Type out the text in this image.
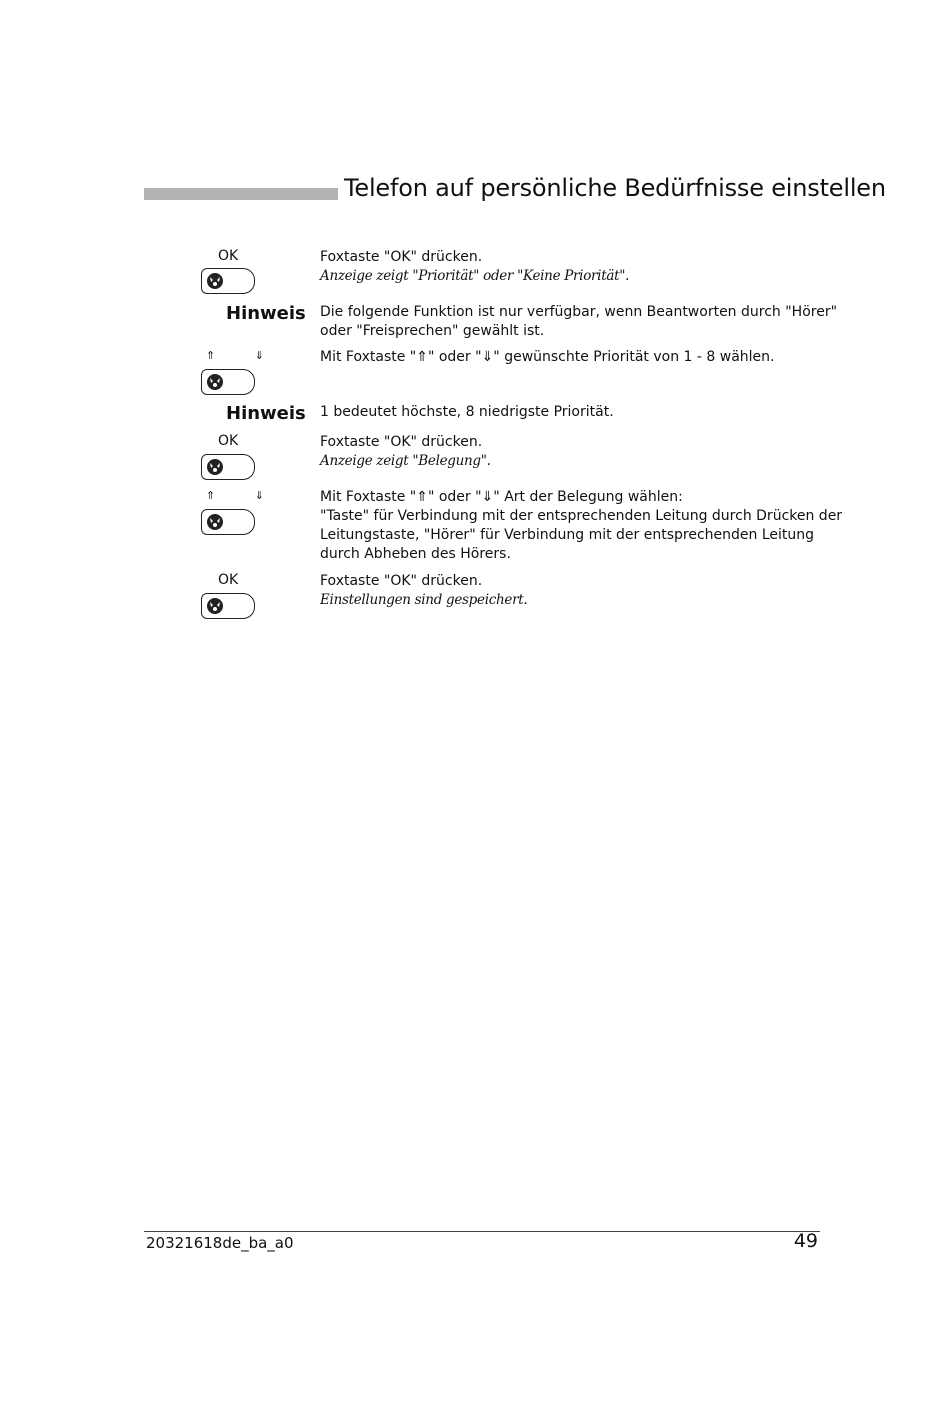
Telefon auf persönliche Bedürfnisse einstellen
OK	Foxtaste "OK" drücken.
Anzeige zeigt "Priorität" oder "Keine Priorität".
Hinweis Die folgende Funktion ist nur verfügbar, wenn Beantworten durch "Hörer"
oder "Freisprechen" gewählt ist.
⇑ ⇓	Mit Foxtaste "⇑" oder "⇓" gewünschte Priorität von 1 - 8 wählen.
Hinweis 1 bedeutet höchste, 8 niedrigste Priorität.
OK	Foxtaste "OK" drücken.
Anzeige zeigt "Belegung".
⇑ ⇓	Mit Foxtaste "⇑" oder "⇓" Art der Belegung wählen:
"Taste" für Verbindung mit der entsprechenden Leitung durch Drücken der
Leitungstaste, "Hörer" für Verbindung mit der entsprechenden Leitung
durch Abheben des Hörers.
OK	Foxtaste "OK" drücken.
Einstellungen sind gespeichert.
20321618de_ba_a0	49
